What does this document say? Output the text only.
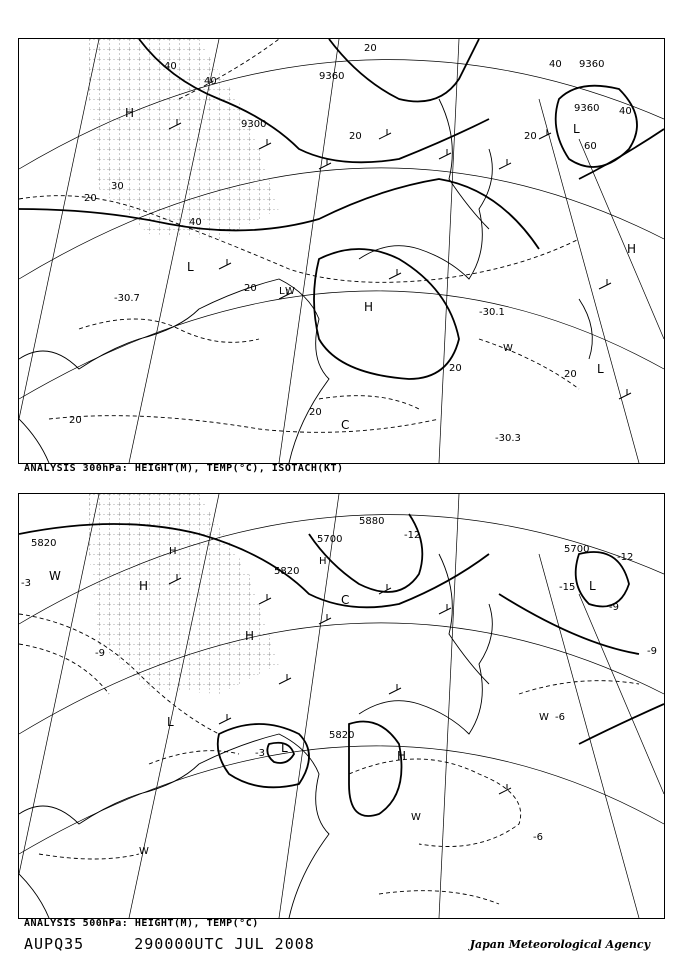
9360
9360
9360
9300
40
40
40
40
40
60
20
20	20
20
20
20
20
20
30
20
H
L
H
L
H
W
L
C
W
L
-30.7
-30.1
-30.3
ANALYSIS 300hPa: HEIGHT(M), TEMP(°C), ISOTACH(KT)
5820
5820
5880
5700
5700
5820
-3
-9
-12
-15
-9
-12
-6
-6
-3
-9
W
H
H
L
C
H
W
L
W
H
W
L
H
ANALYSIS 500hPa: HEIGHT(M), TEMP(°C)
AUPQ35	290000UTC JUL 2008	Japan Meteorological Agency
